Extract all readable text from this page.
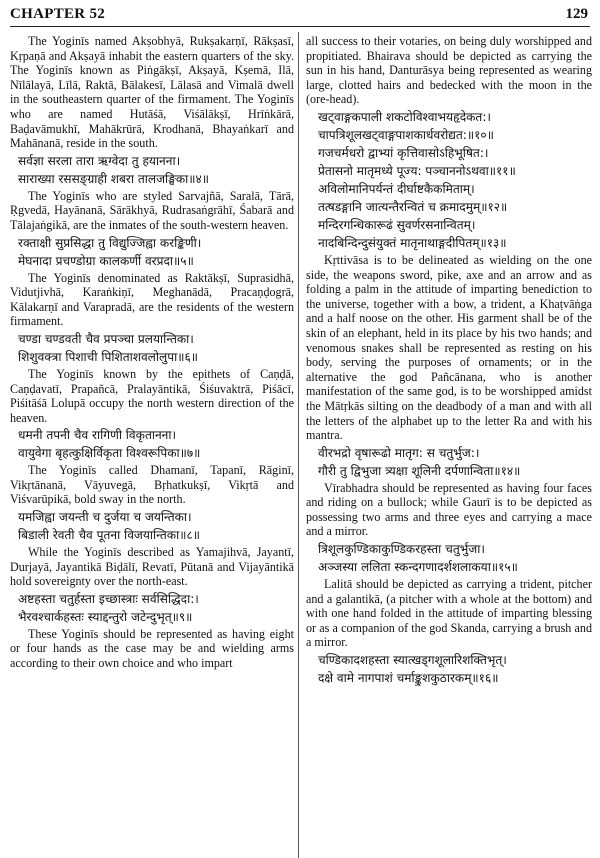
CHAPTER 52	129

The Yoginīs named Akṣobhyā, Rukṣakarṇī, Rākṣasī, Kṛpaṇā and Akṣayā inhabit the eastern quarters of the sky. The Yoginīs known as Piṅgākṣī, Akṣayā, Kṣemā, Ilā, Nīlālayā, Līlā, Raktā, Bālakesī, Lālasā and Vimalā dwell in the southeastern quarter of the firmament. The Yoginīs who are named Hutāśā, Viśālākṣī, Hrīṅkārā, Baḍavāmukhī, Mahākrūrā, Krodhanā, Bhayaṅkarī and Mahānanā, reside in the south.

सर्वज्ञा सरला तारा ऋग्वेदा तु हयानना।
साराख्या रससङ्ग्राही शबरा तालजङ्घिका॥४॥

The Yoginīs who are styled Sarvajñā, Saralā, Tārā, Ṛgvedā, Hayānanā, Sārākhyā, Rudrasaṅgrāhī, Śabarā and Tālajaṅgikā, are the inmates of the south-western heaven.

रक्ताक्षी सुप्रसिद्धा तु विद्युज्जिह्वा करङ्किणी।
मेघनादा प्रचण्डोग्रा कालकर्णी वरप्रदा॥५॥

The Yoginīs denominated as Raktākṣī, Suprasidhā, Vidutjivhā, Karaṅkiṇī, Meghanādā, Pracaṇḍogrā, Kālakarṇī and Varapradā, are the residents of the western firmament.

चण्डा चण्डवती चैव प्रपञ्चा प्रलयान्तिका।
शिशुवक्त्रा पिशाची पिशिताशवलोलुपा॥६॥

The Yoginīs known by the epithets of Caṇḍā, Caṇḍavatī, Prapañcā, Pralayāntikā, Śiśuvaktrā, Piśācī, Piśitāśā Lolupā occupy the north western direction of the heaven.

धमनी तपनी चैव रागिणी विकृतानना।
वायुवेगा बृहत्कुक्षिर्विकृता विश्वरूपिका॥७॥

The Yoginīs called Dhamanī, Tapanī, Rāginī, Vikṛtānanā, Vāyuvegā, Bṛhatkukṣī, Vikṛtā and Viśvarūpikā, bold sway in the north.

यमजिह्वा जयन्ती च दुर्जया च जयन्तिका।
बिडाली रेवती चैव पूतना विजयान्तिका॥८॥

While the Yoginīs described as Yamajihvā, Jayantī, Durjayā, Jayantikā Biḍālī, Revatī, Pūtanā and Vijayāntikā hold sovereignty over the north-east.

अष्टहस्ता चतुर्हस्ता इच्छास्त्राः सर्वसिद्धिदा:।
भैरवश्चार्कहस्तः स्याद्दन्तुरो जटेन्दुभृत्॥९॥

These Yoginīs should be represented as having eight or four hands as the case may be and wielding arms according to their own choice and who impart

all success to their votaries, on being duly worshipped and propitiated. Bhairava should be depicted as carrying the sun in his hand, Danturāsya being represented as wearing large, clotted hairs and bedecked with the moon in the (ore-head).

खट्वाङ्गकपाली शकटोविश्वाभयहृदेकत:।
चापत्रिशूलखट्वाङ्गपाशकार्धवरोद्यत:॥१०॥
गजचर्मधरो द्वाभ्यां कृत्तिवासोऽहिभूषित:।
प्रेतासनो मातृमध्ये पूज्य: पञ्चाननोऽथवा॥११॥
अविलोमानिपर्यन्तं दीर्घाष्टकैकमिताम्।
तत्षडङ्गानि जात्यन्तैरन्वितं च क्रमादमुम्॥१२॥
मन्दिरगन्धिकारूढं सुवर्णरसनान्वितम्।
नादबिन्दिन्दुसंयुक्तं मातृनाथाङ्गदीपितम्॥१३॥

Kṛttivāsa is to be delineated as wielding on the one side, the weapons sword, pike, axe and an arrow and as folding a palm in the attitude of imparting benediction to the universe, together with a bow, a trident, a Khaṭvāṅga and a half noose on the other. His garment shall be of the skin of an elephant, held in its place by his two hands; and venomous snakes shall be represented as resting on his body, serving the purposes of ornaments; or in the alternative the god Pañcānana, who is another manifestation of the same god, is to be worshipped amidst the Mātṛkās silting on the deadbody of a man and with all the letters of the alphabet up to the letter Ra and with his mantra.

वीरभद्रो वृषारूढो मातृग: स चतुर्भुज:।
गौरी तु द्विभुजा त्र्यक्षा शूलिनी दर्पणान्विता॥१४॥

Vīrabhadra should be represented as having four faces and riding on a bullock; while Gaurī is to be depicted as possessing two arms and three eyes and carrying a mace and a mirror.

त्रिशूलकुण्डिकाकुण्डिकरहस्ता चतुर्भुजा।
अञ्जस्या ललिता स्कन्दगणादर्शशलाकया॥१५॥

Lalitā should be depicted as carrying a trident, pitcher and a galantikā, (a pitcher with a whole at the bottom) and with one hand folded in the attitude of imparting blessing or as a companion of the god Skanda, carrying a brush and a mirror.

चण्डिकादशहस्ता स्यात्खड्गशूलारिशक्तिभृत्।
दक्षे वामे नागपाशं चर्माङ्कुशकुठारकम्॥१६॥
